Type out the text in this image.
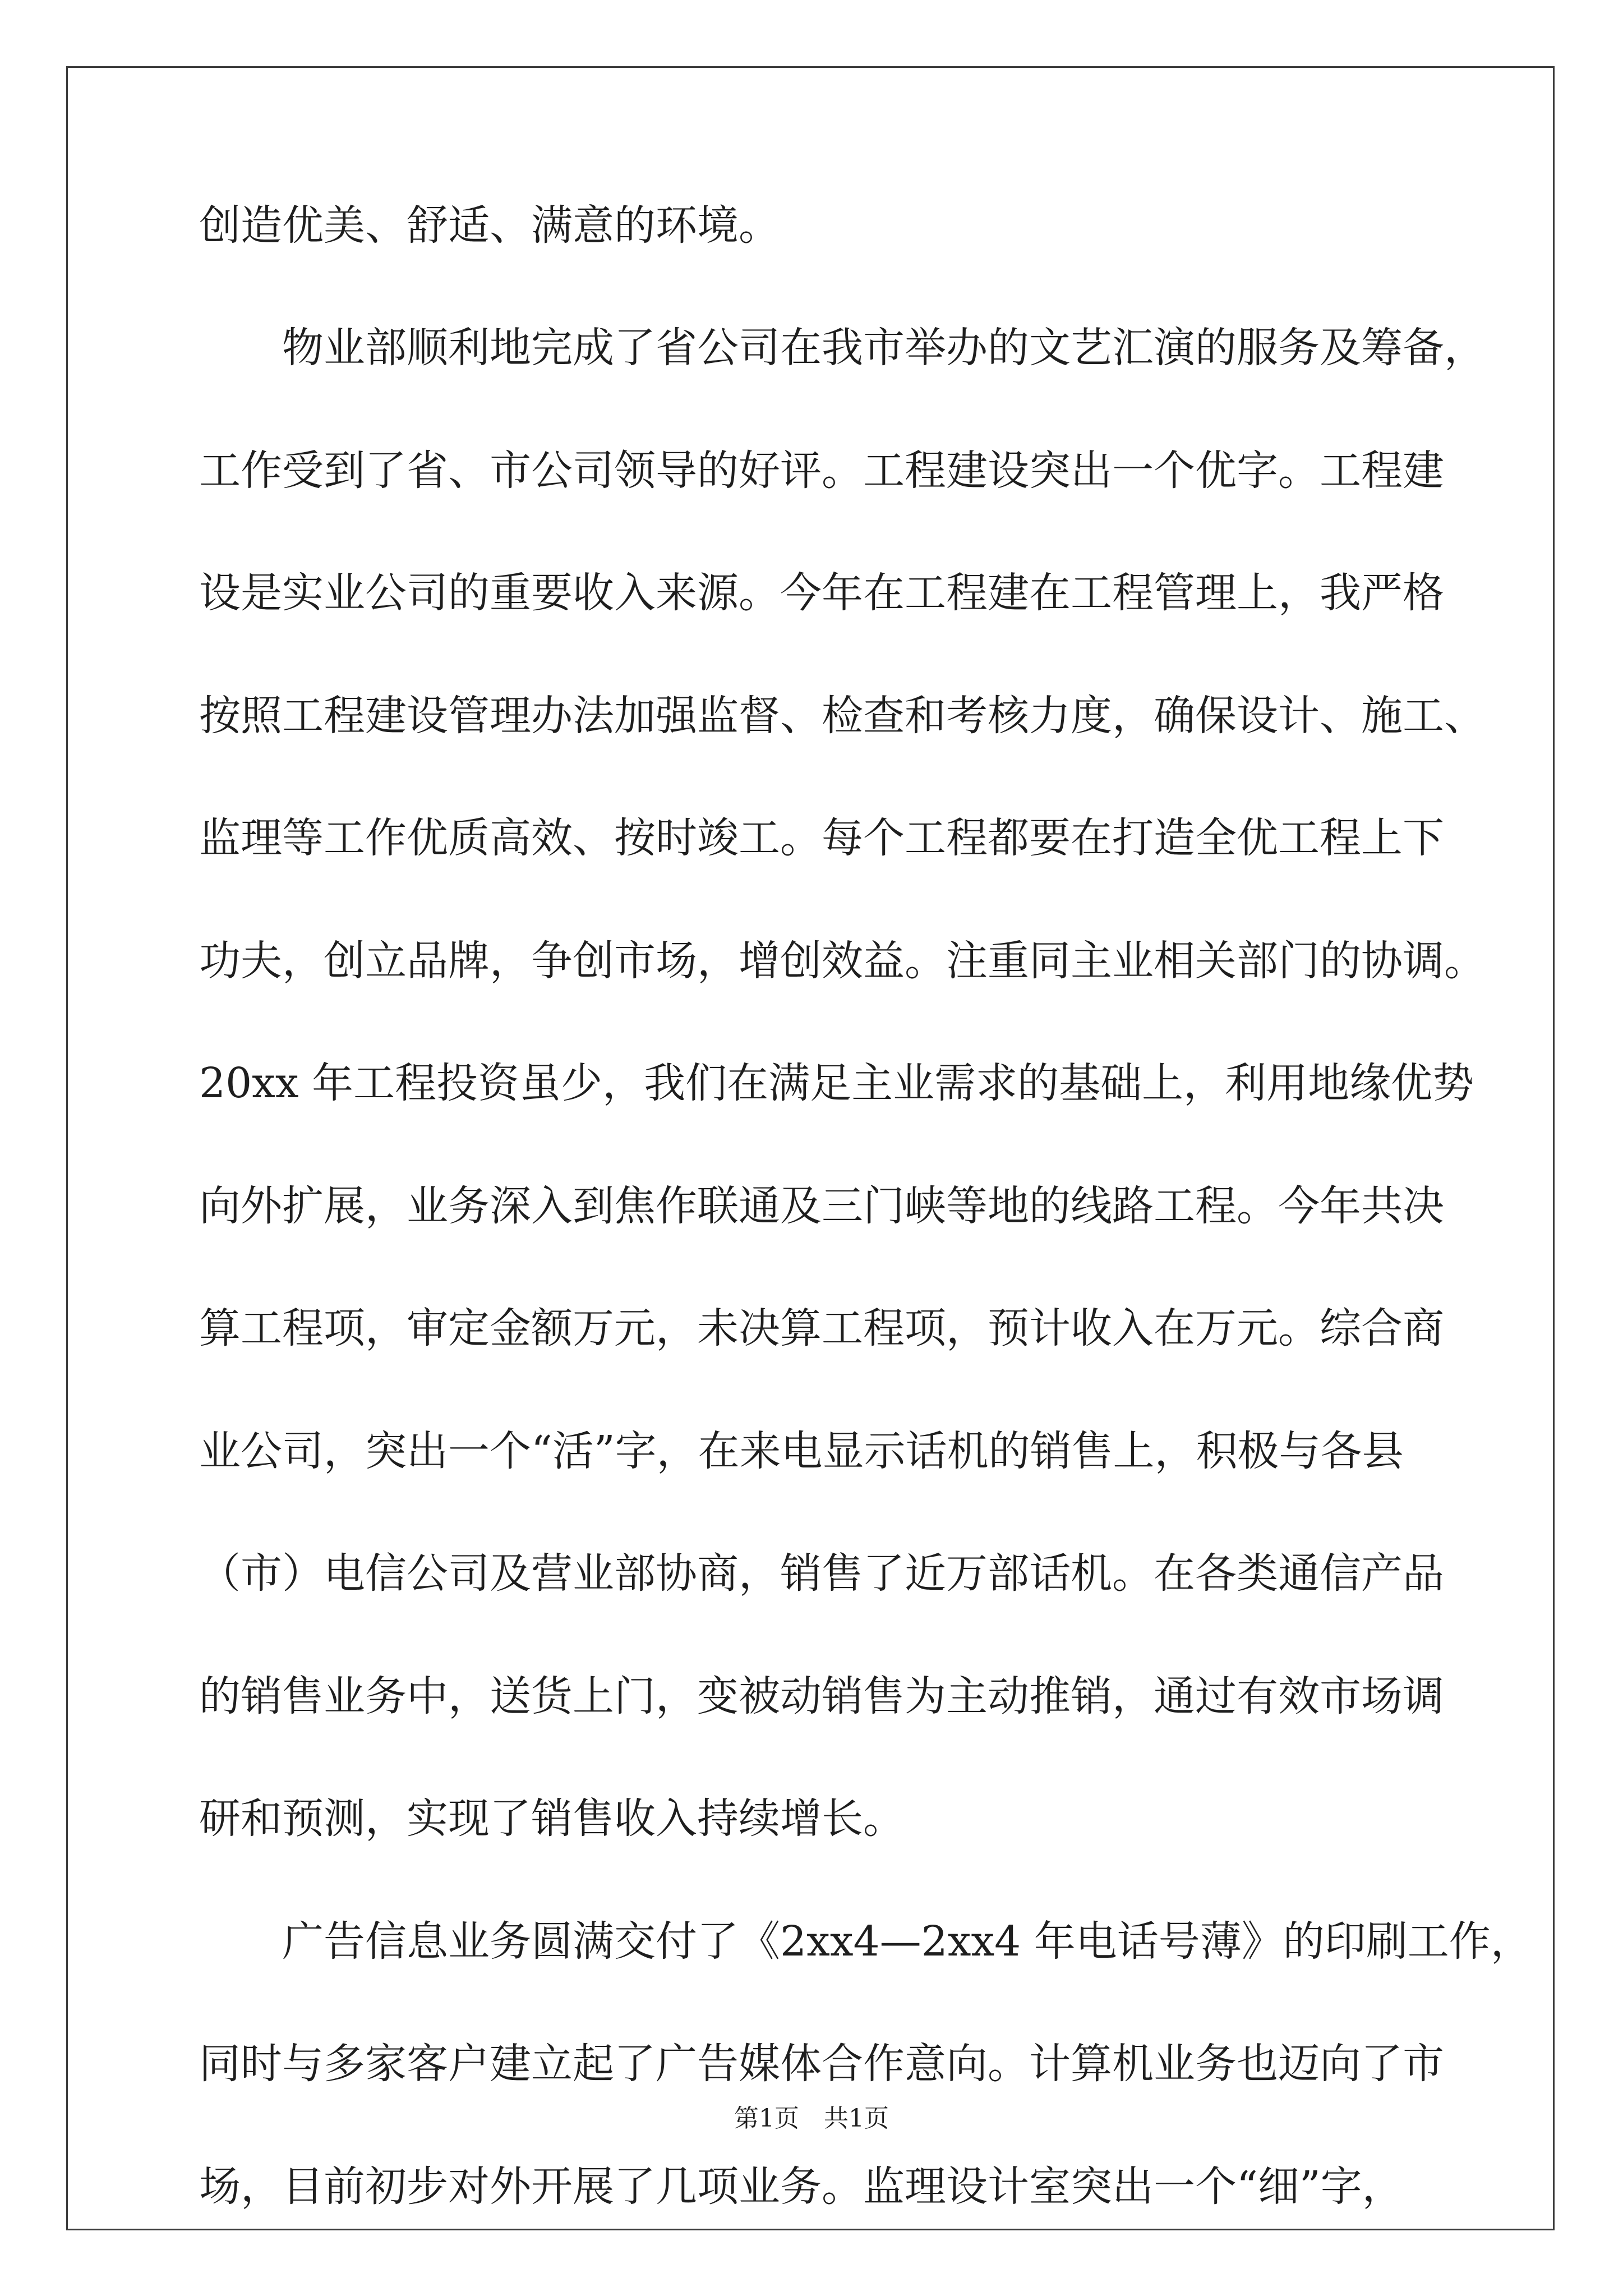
创造优美、舒适、满意的环境。
　　物业部顺利地完成了省公司在我市举办的文艺汇演的服务及筹备，
工作受到了省、市公司领导的好评。工程建设突出一个优字。工程建
设是实业公司的重要收入来源。今年在工程建在工程管理上，我严格
按照工程建设管理办法加强监督、检查和考核力度，确保设计、施工、
监理等工作优质高效、按时竣工。每个工程都要在打造全优工程上下
功夫，创立品牌，争创市场，增创效益。注重同主业相关部门的协调。
20xx 年工程投资虽少，我们在满足主业需求的基础上，利用地缘优势
向外扩展，业务深入到焦作联通及三门峡等地的线路工程。今年共决
算工程项，审定金额万元，未决算工程项，预计收入在万元。综合商
业公司，突出一个“活”字，在来电显示话机的销售上，积极与各县
（市）电信公司及营业部协商，销售了近万部话机。在各类通信产品
的销售业务中，送货上门，变被动销售为主动推销，通过有效市场调
研和预测，实现了销售收入持续增长。
　　广告信息业务圆满交付了《2xx4—2xx4 年电话号薄》的印刷工作，
同时与多家客户建立起了广告媒体合作意向。计算机业务也迈向了市
场，目前初步对外开展了几项业务。监理设计室突出一个“细”字，
第1页　共1页
